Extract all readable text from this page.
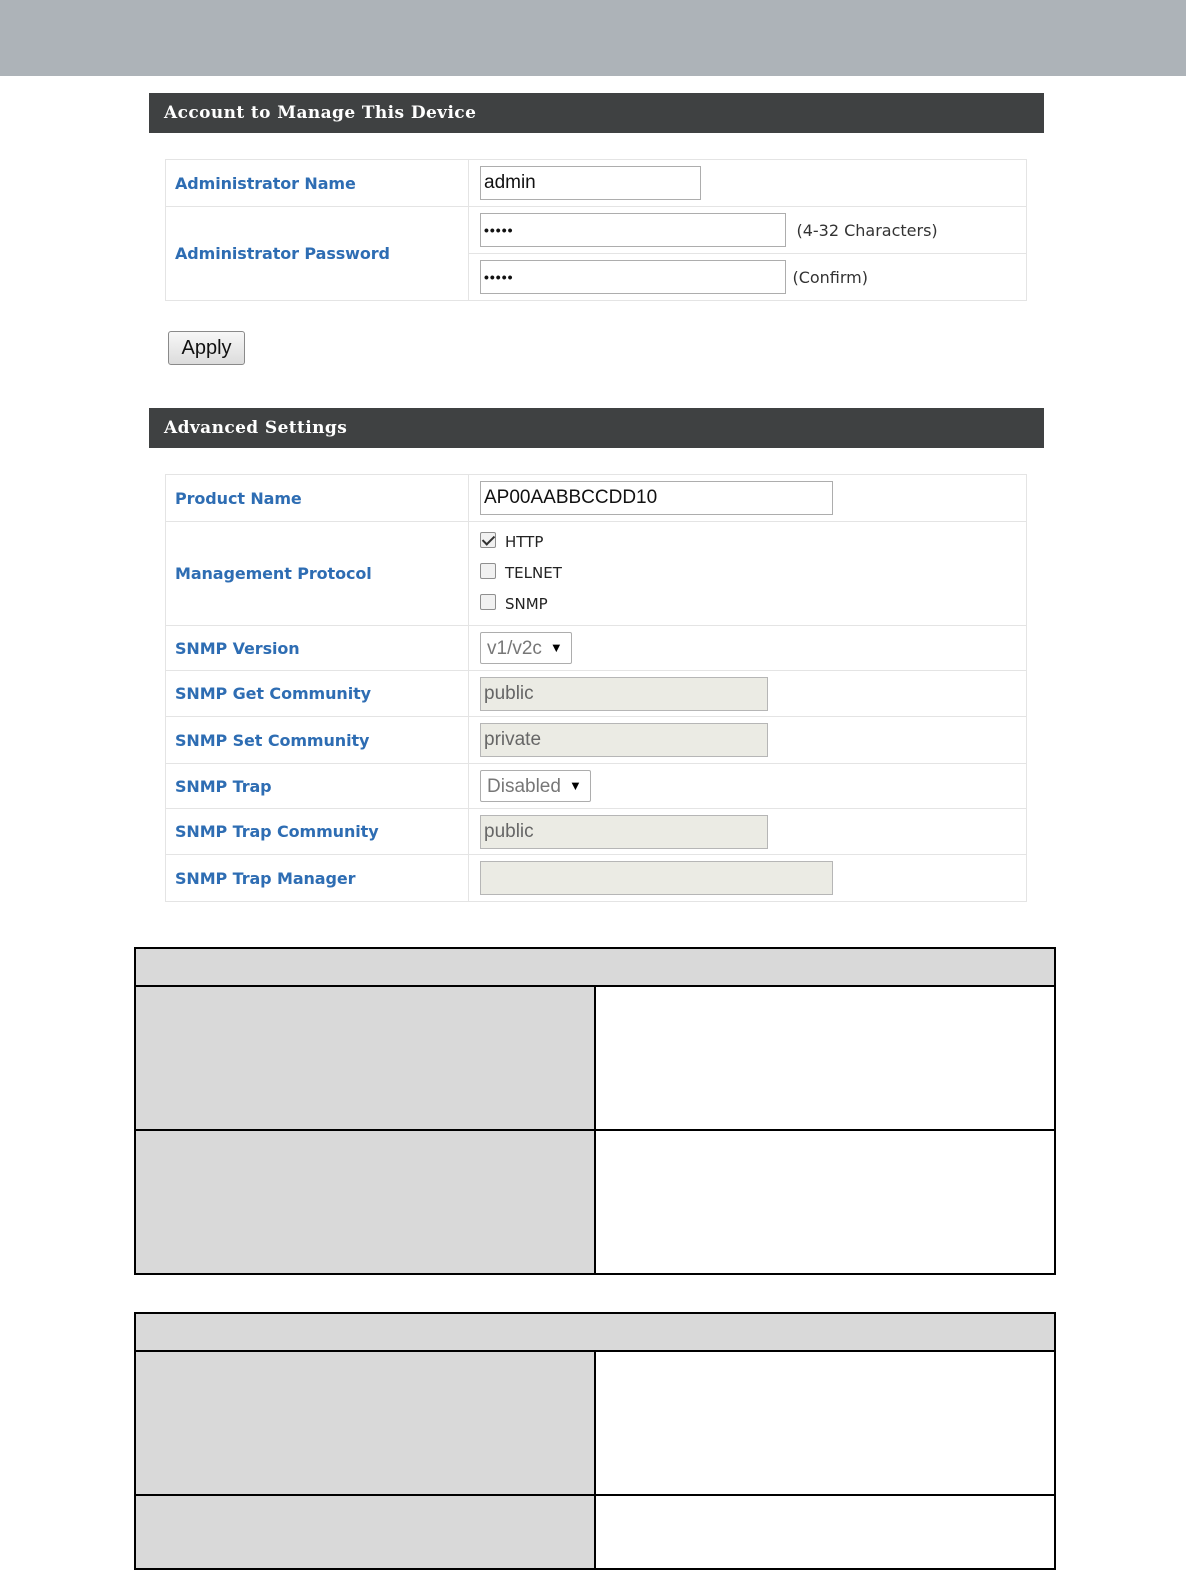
Account to Manage This Device
Administrator Name	admin
Administrator Password	••••• (4-32 Characters)
	••••• (Confirm)
Apply
Advanced Settings
Product Name	AP00AABBCCDD10
Management Protocol	HTTP
TELNET
SNMP

SNMP Version	v1/v2c ▼
SNMP Get Community	public
SNMP Set Community	private
SNMP Trap	Disabled ▼
SNMP Trap Community	public
SNMP Trap Manager	
